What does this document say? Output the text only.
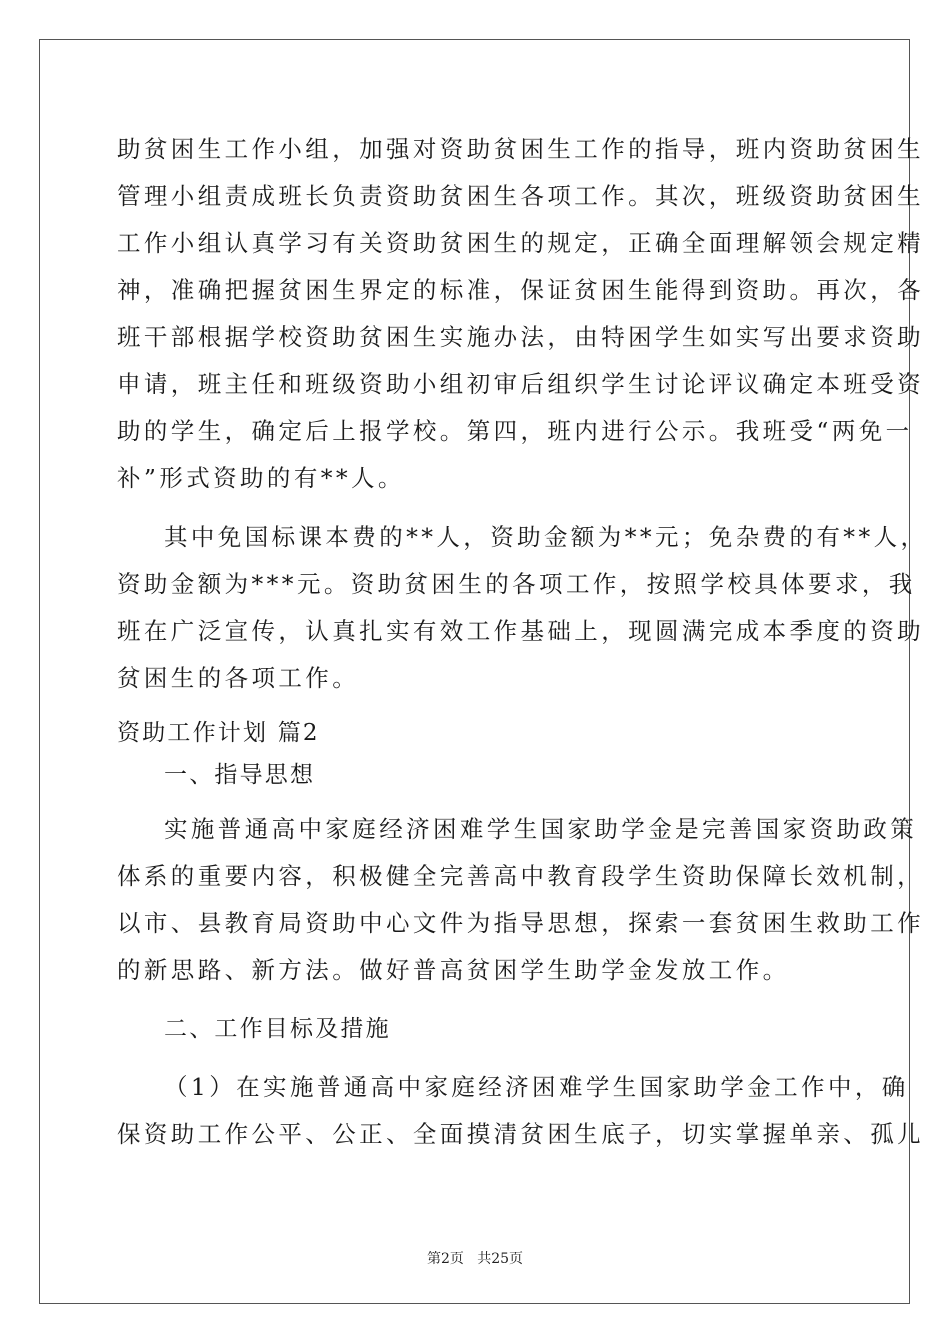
助贫困生工作小组，加强对资助贫困生工作的指导，班内资助贫困生
管理小组责成班长负责资助贫困生各项工作。其次，班级资助贫困生
工作小组认真学习有关资助贫困生的规定，正确全面理解领会规定精
神，准确把握贫困生界定的标准，保证贫困生能得到资助。再次，各
班干部根据学校资助贫困生实施办法，由特困学生如实写出要求资助
申请，班主任和班级资助小组初审后组织学生讨论评议确定本班受资
助的学生，确定后上报学校。第四，班内进行公示。我班受“两免一
补”形式资助的有**人。
其中免国标课本费的**人，资助金额为**元；免杂费的有**人，
资助金额为***元。资助贫困生的各项工作，按照学校具体要求，我
班在广泛宣传，认真扎实有效工作基础上，现圆满完成本季度的资助
贫困生的各项工作。
资助工作计划 篇2
一、指导思想
实施普通高中家庭经济困难学生国家助学金是完善国家资助政策
体系的重要内容，积极健全完善高中教育段学生资助保障长效机制，
以市、县教育局资助中心文件为指导思想，探索一套贫困生救助工作
的新思路、新方法。做好普高贫困学生助学金发放工作。
二、工作目标及措施
（1）在实施普通高中家庭经济困难学生国家助学金工作中，确
保资助工作公平、公正、全面摸清贫困生底子，切实掌握单亲、孤儿
第2页   共25页
